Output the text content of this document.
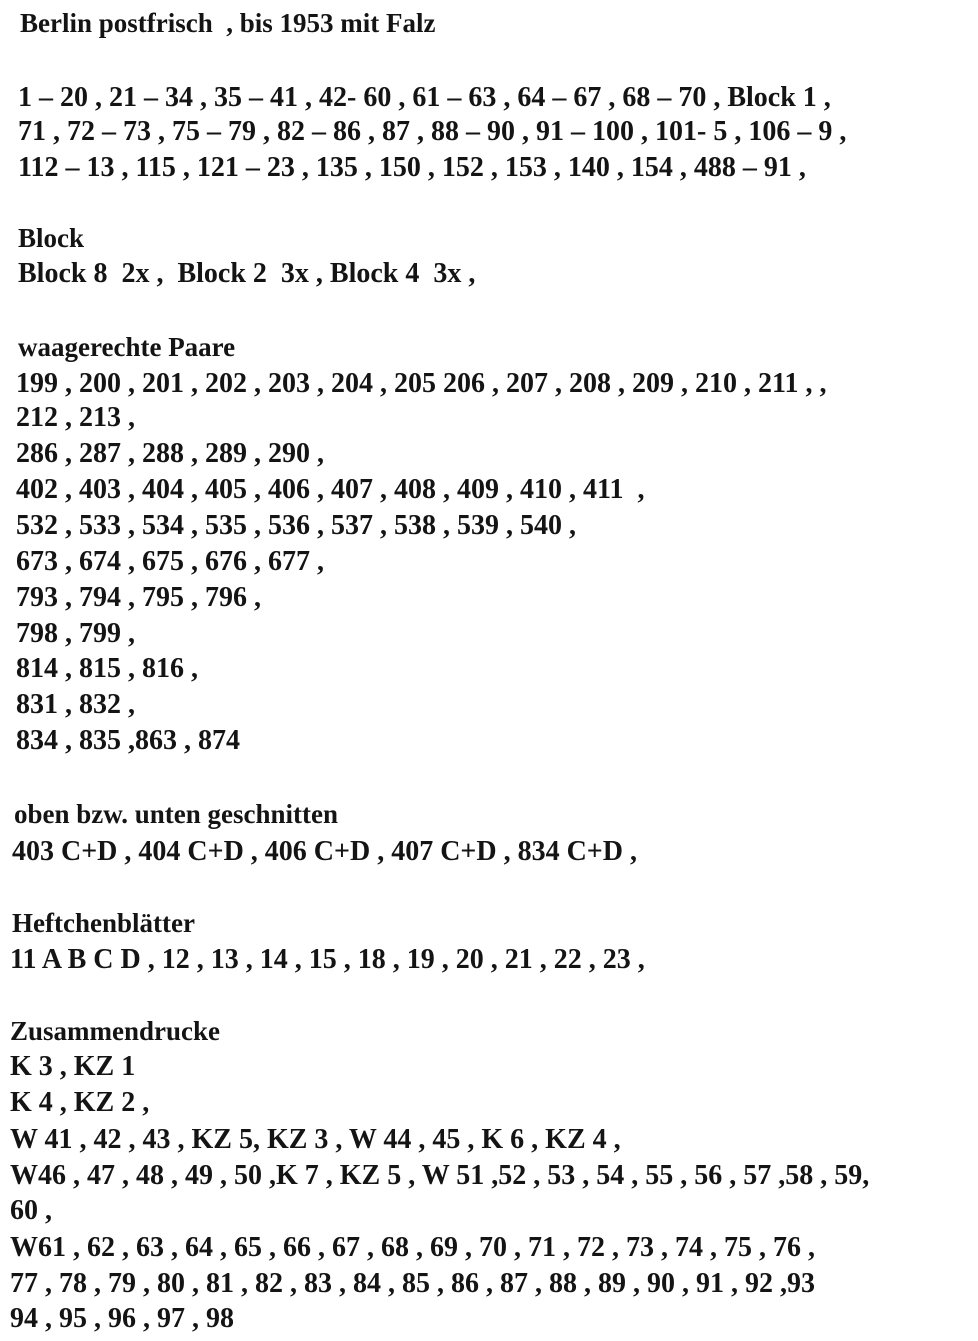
Berlin postfrisch  , bis 1953 mit Falz
1 – 20 , 21 – 34 , 35 – 41 , 42- 60 , 61 – 63 , 64 – 67 , 68 – 70 , Block 1 ,
71 , 72 – 73 , 75 – 79 , 82 – 86 , 87 , 88 – 90 , 91 – 100 , 101- 5 , 106 – 9 ,
112 – 13 , 115 , 121 – 23 , 135 , 150 , 152 , 153 , 140 , 154 , 488 – 91 ,
Block
Block 8  2x ,  Block 2  3x , Block 4  3x ,
waagerechte Paare
199 , 200 , 201 , 202 , 203 , 204 , 205 206 , 207 , 208 , 209 , 210 , 211 , ,
212 , 213 ,
286 , 287 , 288 , 289 , 290 ,
402 , 403 , 404 , 405 , 406 , 407 , 408 , 409 , 410 , 411  ,
532 , 533 , 534 , 535 , 536 , 537 , 538 , 539 , 540 ,
673 , 674 , 675 , 676 , 677 ,
793 , 794 , 795 , 796 ,
798 , 799 ,
814 , 815 , 816 ,
831 , 832 ,
834 , 835 ,863 , 874
oben bzw. unten geschnitten
403 C+D , 404 C+D , 406 C+D , 407 C+D , 834 C+D ,
Heftchenblätter
11 A B C D , 12 , 13 , 14 , 15 , 18 , 19 , 20 , 21 , 22 , 23 ,
Zusammendrucke
K 3 , KZ 1
K 4 , KZ 2 ,
W 41 , 42 , 43 , KZ 5, KZ 3 , W 44 , 45 , K 6 , KZ 4 ,
W46 , 47 , 48 , 49 , 50 ,K 7 , KZ 5 , W 51 ,52 , 53 , 54 , 55 , 56 , 57 ,58 , 59,
60 ,
W61 , 62 , 63 , 64 , 65 , 66 , 67 , 68 , 69 , 70 , 71 , 72 , 73 , 74 , 75 , 76 ,
77 , 78 , 79 , 80 , 81 , 82 , 83 , 84 , 85 , 86 , 87 , 88 , 89 , 90 , 91 , 92 ,93
94 , 95 , 96 , 97 , 98
